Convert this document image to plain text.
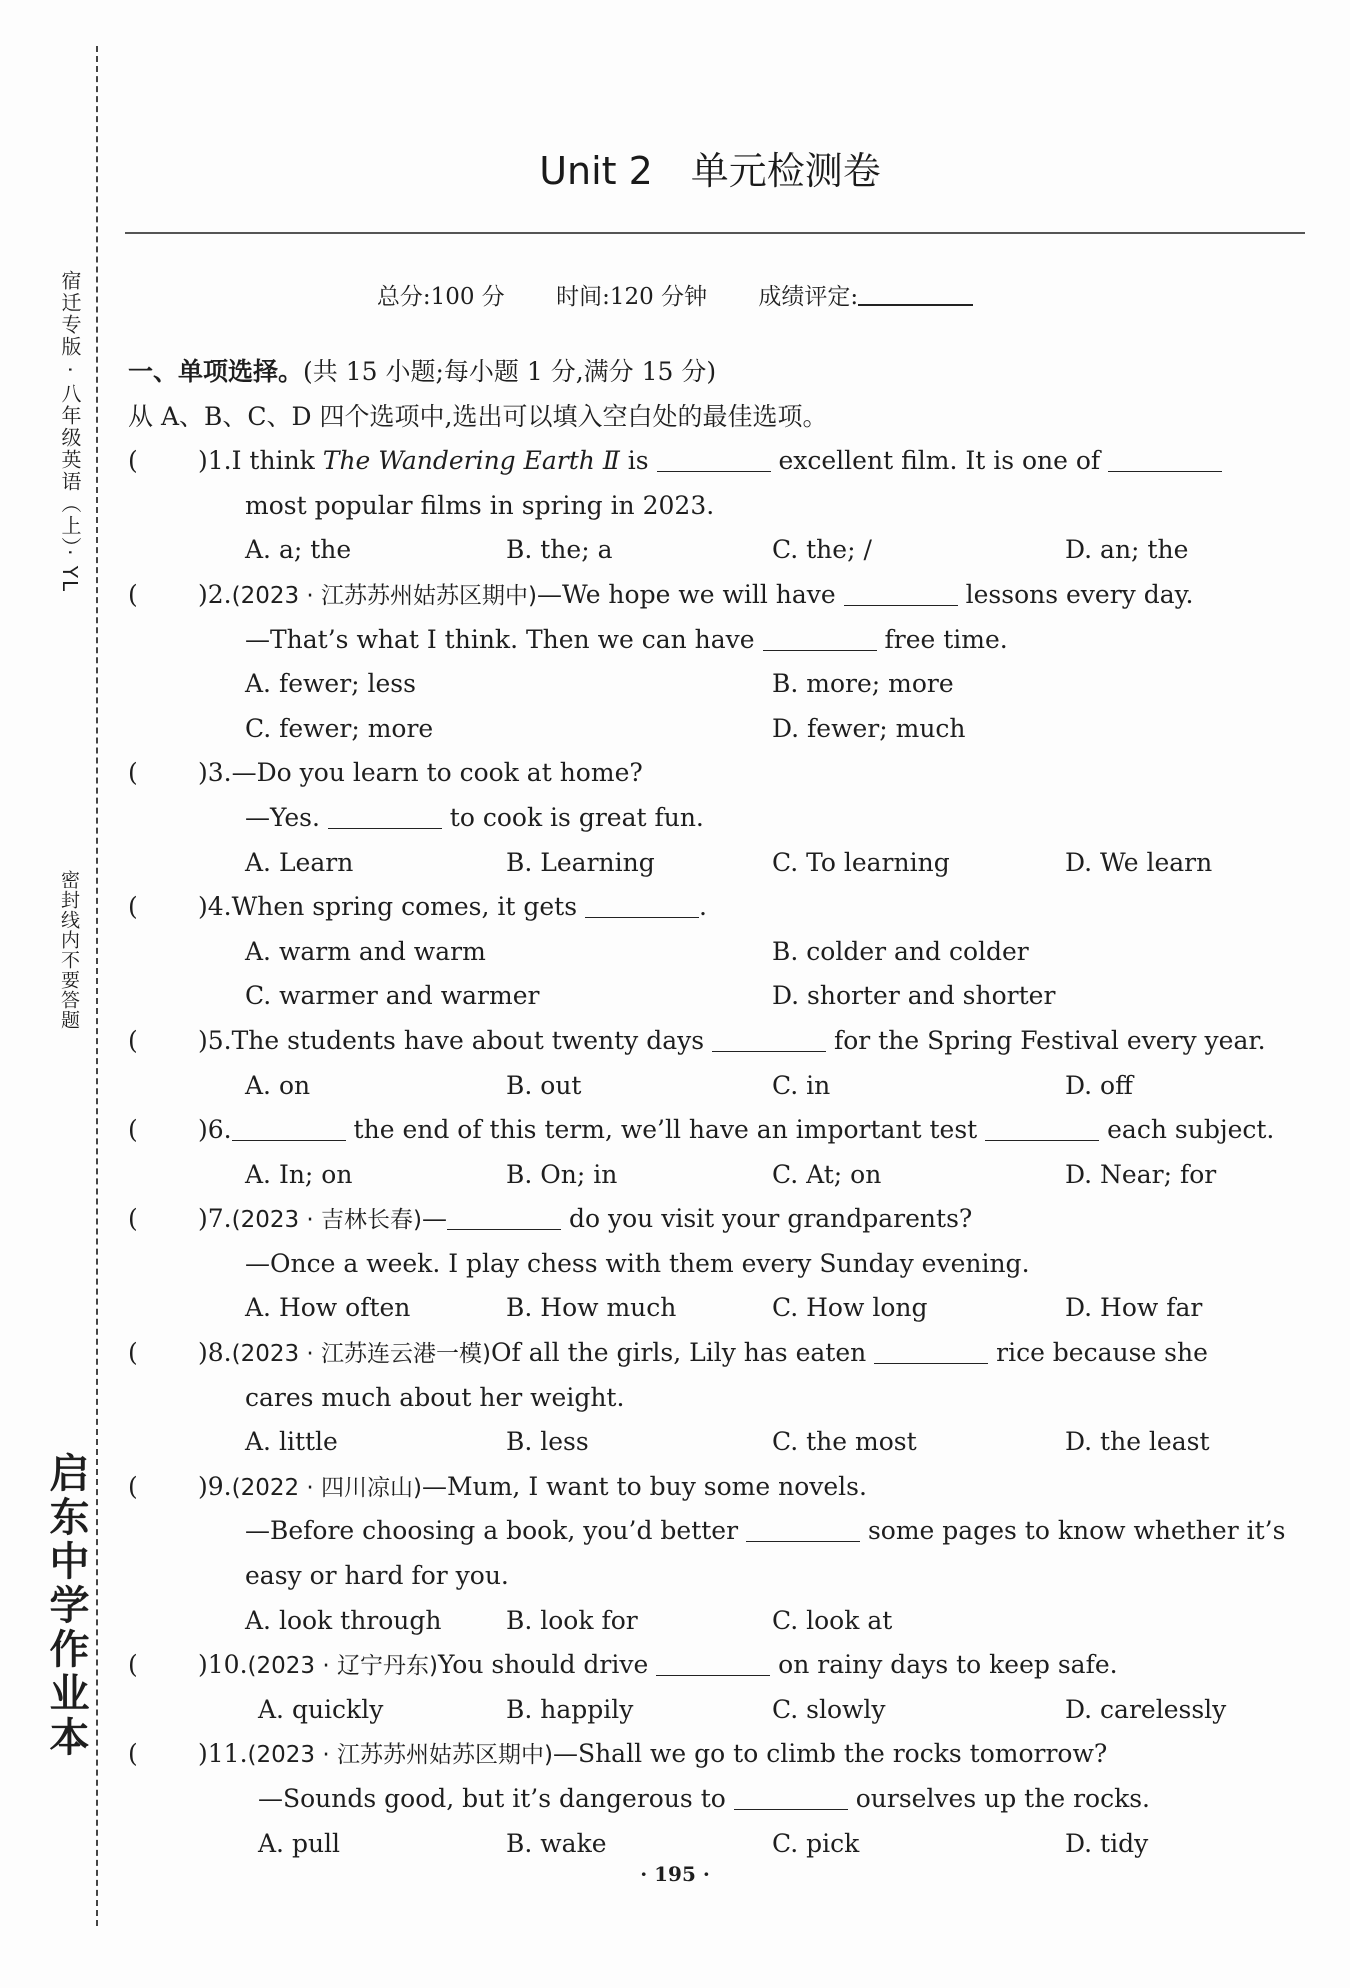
宿迁专版 · 八年级英语（上）· YL
密封线内不要答题
启东中学作业本
Unit 2　单元检测卷
总分:100 分 时间:120 分钟 成绩评定:
一、单项选择。(共 15 小题;每小题 1 分,满分 15 分)
从 A、B、C、D 四个选项中,选出可以填入空白处的最佳选项。
( )1.I think The Wandering Earth Ⅱ is	excellent film. It is one of
most popular films in spring in 2023.
A. a; the	B. the; a	C. the; /	D. an; the
( )2.(2023 · 江苏苏州姑苏区期中)—We hope we will have	lessons every day.
—That’s what I think. Then we can have	free time.
A. fewer; less	B. more; more
C. fewer; more	D. fewer; much
( )3.—Do you learn to cook at home?
—Yes.	to cook is great fun.
A. Learn	B. Learning	C. To learning	D. We learn
( )4.When spring comes, it gets	.
A. warm and warm	B. colder and colder
C. warmer and warmer	D. shorter and shorter
( )5.The students have about twenty days	for the Spring Festival every year.
A. on	B. out	C. in	D. off
( )6.	the end of this term, we’ll have an important test	each subject.
A. In; on	B. On; in	C. At; on	D. Near; for
( )7.(2023 · 吉林长春)—	do you visit your grandparents?
—Once a week. I play chess with them every Sunday evening.
A. How often	B. How much	C. How long	D. How far
( )8.(2023 · 江苏连云港一模)Of all the girls, Lily has eaten	rice because she
cares much about her weight.
A. little	B. less	C. the most	D. the least
( )9.(2022 · 四川凉山)—Mum, I want to buy some novels.
—Before choosing a book, you’d better	some pages to know whether it’s
easy or hard for you.
A. look through	B. look for	C. look at
( )10.(2023 · 辽宁丹东)You should drive	on rainy days to keep safe.
A. quickly	B. happily	C. slowly	D. carelessly
( )11.(2023 · 江苏苏州姑苏区期中)—Shall we go to climb the rocks tomorrow?
—Sounds good, but it’s dangerous to	ourselves up the rocks.
A. pull	B. wake	C. pick	D. tidy
· 195 ·
